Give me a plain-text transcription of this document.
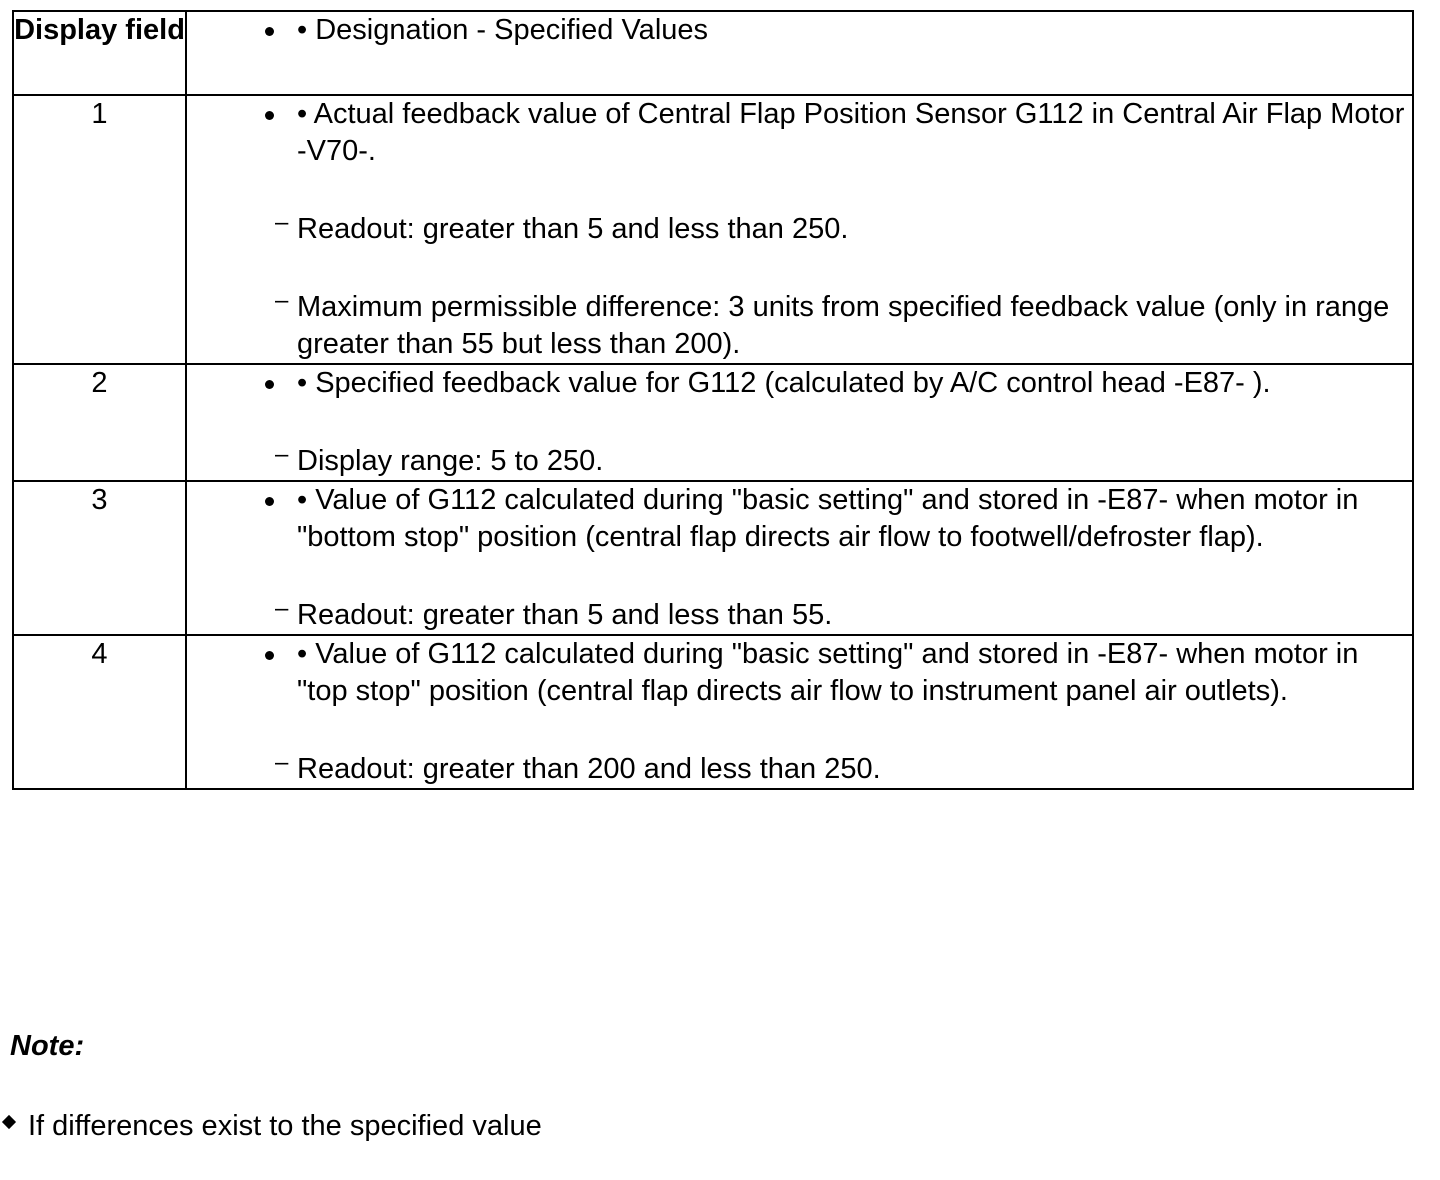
Display field	• Designation - Specified Values

1	• Actual feedback value of Central Flap Position Sensor G112 in Central Air Flap Motor -V70-.
– Readout: greater than 5 and less than 250.
– Maximum permissible difference: 3 units from specified feedback value (only in range greater than 55 but less than 200).

2	• Specified feedback value for G112 (calculated by A/C control head -E87- ).
– Display range: 5 to 250.

3	• Value of G112 calculated during "basic setting" and stored in -E87- when motor in "bottom stop" position (central flap directs air flow to footwell/defroster flap).
– Readout: greater than 5 and less than 55.

4	• Value of G112 calculated during "basic setting" and stored in -E87- when motor in "top stop" position (central flap directs air flow to instrument panel air outlets).
– Readout: greater than 200 and less than 250.
Note:
If differences exist to the specified value
